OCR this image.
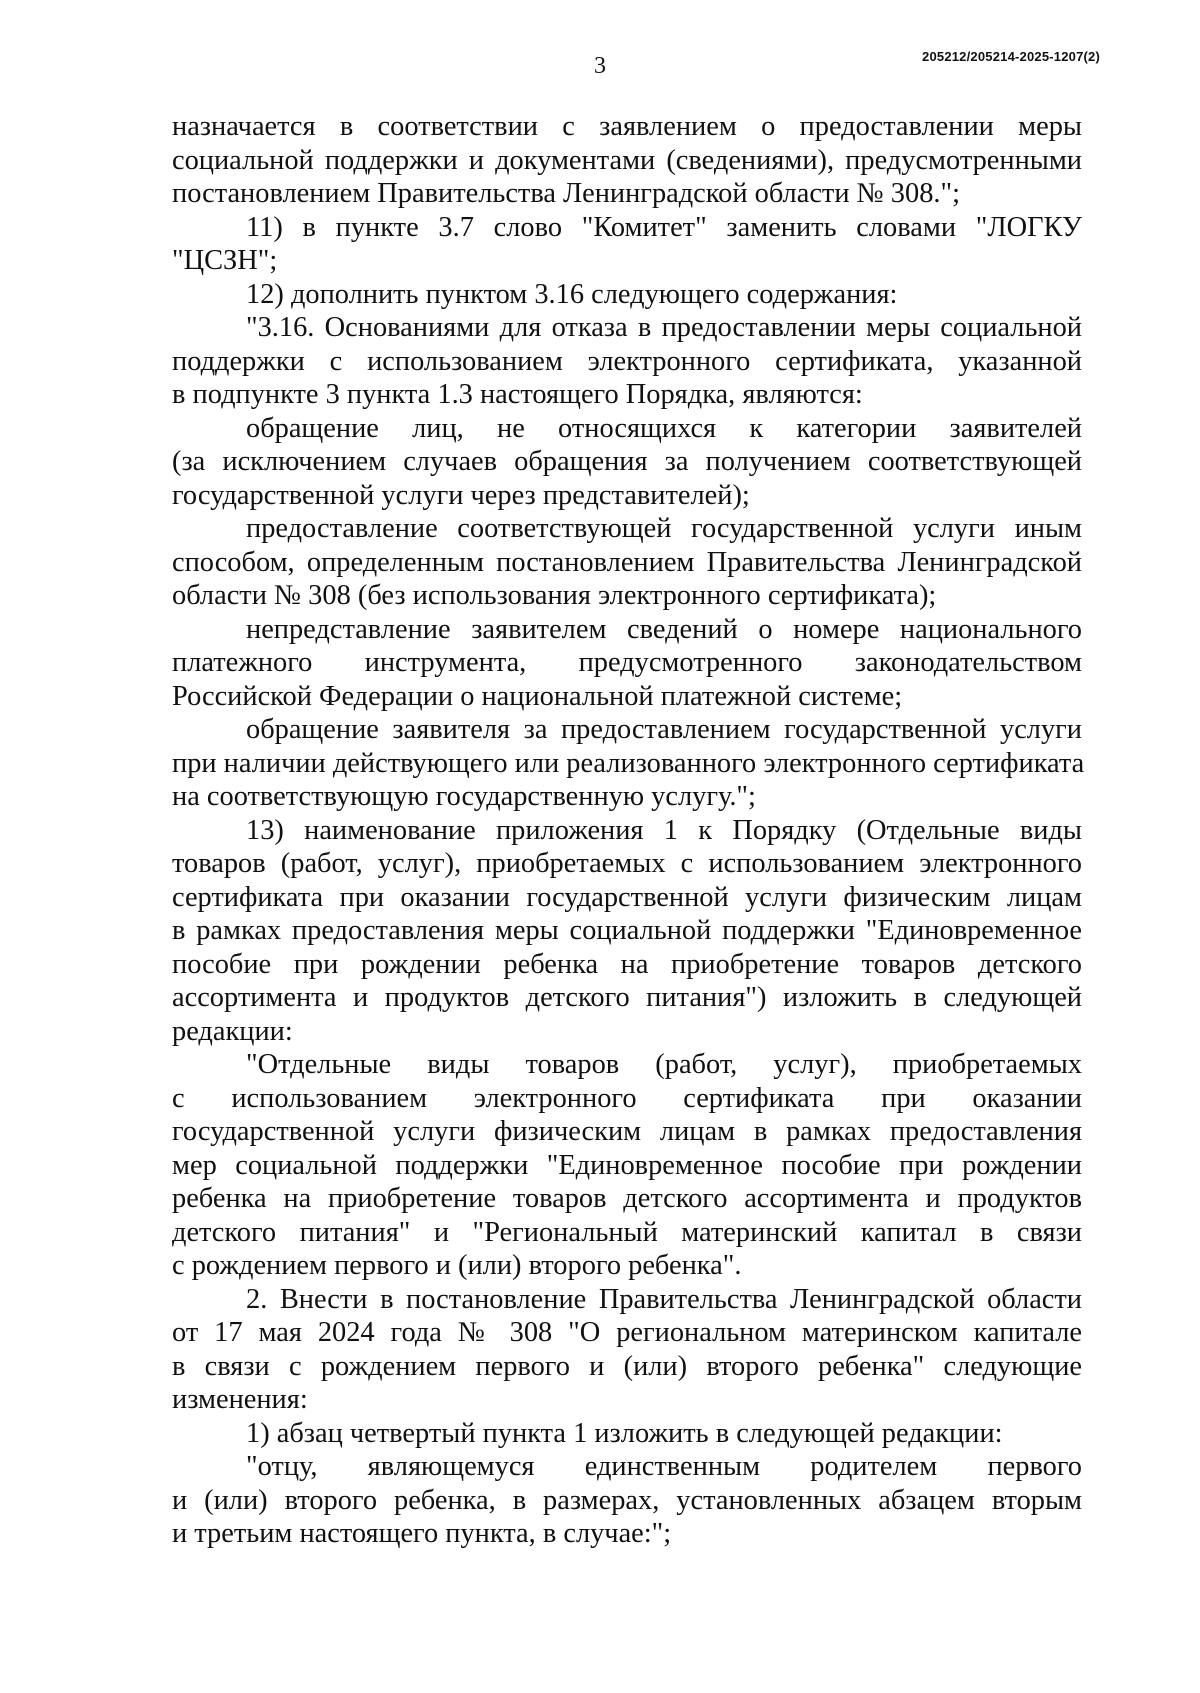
3	205212/205214-2025-1207(2)
назначается в соответствии с заявлением о предоставлении меры
социальной поддержки и документами (сведениями), предусмотренными
постановлением Правительства Ленинградской области № 308.";
11) в пункте 3.7 слово "Комитет" заменить словами "ЛОГКУ
"ЦСЗН";
12) дополнить пунктом 3.16 следующего содержания:
"3.16. Основаниями для отказа в предоставлении меры социальной
поддержки с использованием электронного сертификата, указанной
в подпункте 3 пункта 1.3 настоящего Порядка, являются:
обращение лиц, не относящихся к категории заявителей
(за исключением случаев обращения за получением соответствующей
государственной услуги через представителей);
предоставление соответствующей государственной услуги иным
способом, определенным постановлением Правительства Ленинградской
области № 308 (без использования электронного сертификата);
непредставление заявителем сведений о номере национального
платежного инструмента, предусмотренного законодательством
Российской Федерации о национальной платежной системе;
обращение заявителя за предоставлением государственной услуги
при наличии действующего или реализованного электронного сертификата
на соответствующую государственную услугу.";
13) наименование приложения 1 к Порядку (Отдельные виды
товаров (работ, услуг), приобретаемых с использованием электронного
сертификата при оказании государственной услуги физическим лицам
в рамках предоставления меры социальной поддержки "Единовременное
пособие при рождении ребенка на приобретение товаров детского
ассортимента и продуктов детского питания") изложить в следующей
редакции:
"Отдельные виды товаров (работ, услуг), приобретаемых
с использованием электронного сертификата при оказании
государственной услуги физическим лицам в рамках предоставления
мер социальной поддержки "Единовременное пособие при рождении
ребенка на приобретение товаров детского ассортимента и продуктов
детского питания" и "Региональный материнский капитал в связи
с рождением первого и (или) второго ребенка".
2. Внести в постановление Правительства Ленинградской области
от 17 мая 2024 года № 308 "О региональном материнском капитале
в связи с рождением первого и (или) второго ребенка" следующие
изменения:
1) абзац четвертый пункта 1 изложить в следующей редакции:
"отцу, являющемуся единственным родителем первого
и (или) второго ребенка, в размерах, установленных абзацем вторым
и третьим настоящего пункта, в случае:";
